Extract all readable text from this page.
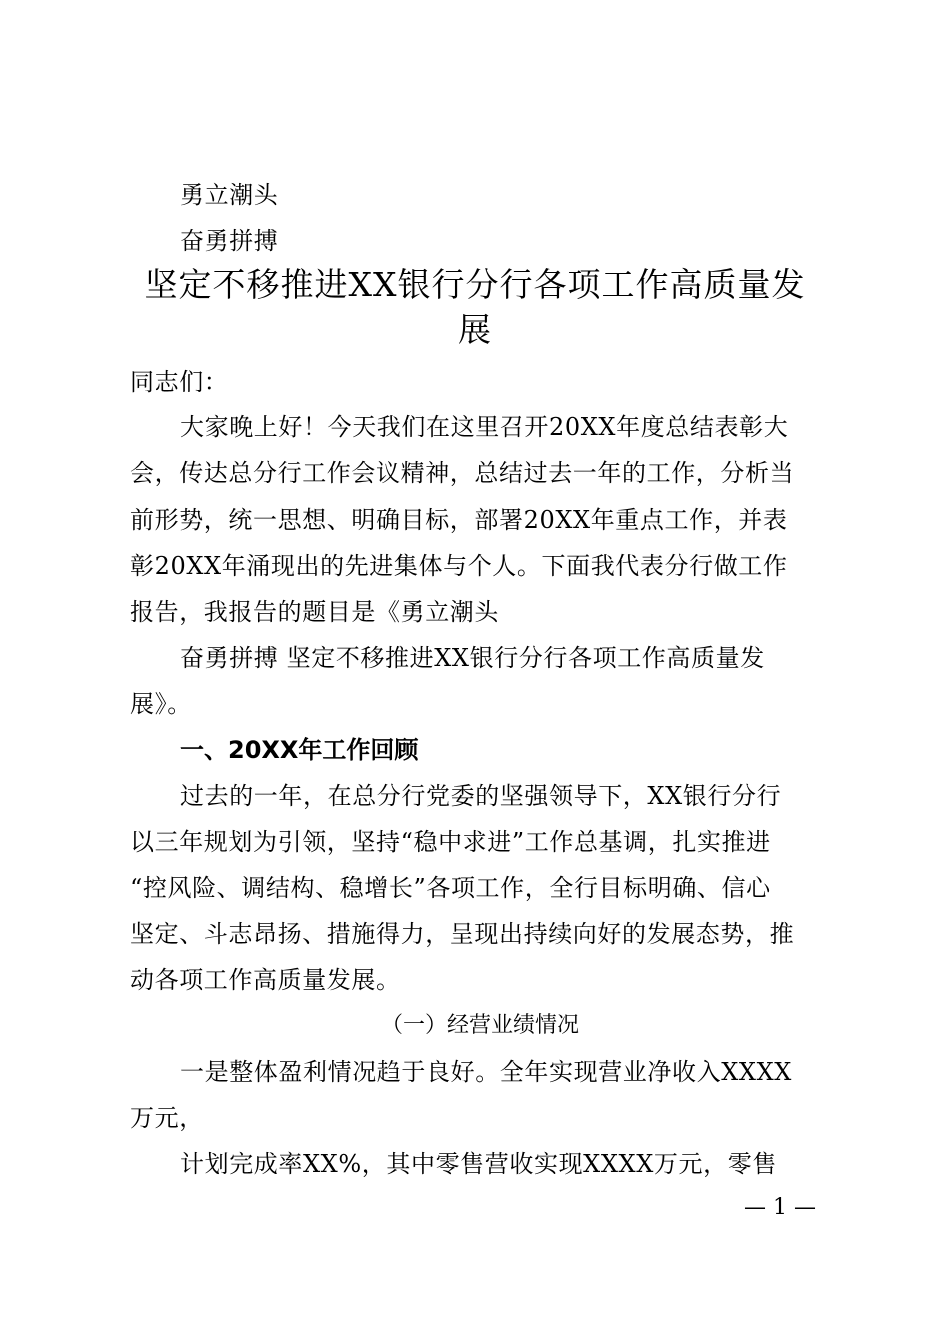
勇立潮头
奋勇拼搏
坚定不移推进XX银行分行各项工作高质量发
展
同志们：
大家晚上好！今天我们在这里召开20XX年度总结表彰大
会，传达总分行工作会议精神，总结过去一年的工作，分析当
前形势，统一思想、明确目标，部署20XX年重点工作，并表
彰20XX年涌现出的先进集体与个人。下面我代表分行做工作
报告，我报告的题目是《勇立潮头
奋勇拼搏 坚定不移推进XX银行分行各项工作高质量发
展》。
一、20XX年工作回顾
过去的一年，在总分行党委的坚强领导下，XX银行分行
以三年规划为引领，坚持“稳中求进”工作总基调，扎实推进
“控风险、调结构、稳增长”各项工作，全行目标明确、信心
坚定、斗志昂扬、措施得力，呈现出持续向好的发展态势，推
动各项工作高质量发展。
（一）经营业绩情况
一是整体盈利情况趋于良好。全年实现营业净收入XXXX
万元，
计划完成率XX%，其中零售营收实现XXXX万元，零售
— 1 —
